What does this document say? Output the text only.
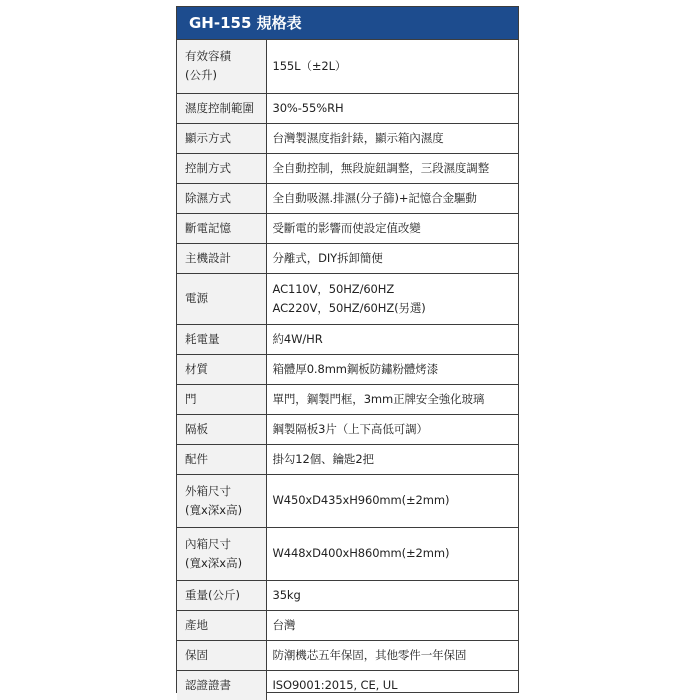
GH-155 規格表
有效容積
(公升)	155L（±2L）

濕度控制範圍	30%-55%RH

顯示方式	台灣製濕度指針錶，顯示箱內濕度

控制方式	全自動控制，無段旋鈕調整，三段濕度調整

除濕方式	全自動吸濕.排濕(分子篩)+記憶合金驅動

斷電記憶	受斷電的影響而使設定值改變

主機設計	分離式，DIY拆卸簡便

電源	AC110V，50HZ/60HZ
AC220V，50HZ/60HZ(另選)

耗電量	約4W/HR

材質	箱體厚0.8mm鋼板防鏽粉體烤漆

門	單門，鋼製門框，3mm正牌安全強化玻璃

隔板	鋼製隔板3片（上下高低可調）

配件	掛勾12個、鑰匙2把

外箱尺寸
(寬x深x高)	W450xD435xH960mm(±2mm)

內箱尺寸
(寬x深x高)	W448xD400xH860mm(±2mm)

重量(公斤)	35kg

產地	台灣

保固	防潮機芯五年保固，其他零件一年保固

認證證書	ISO9001:2015, CE, UL
